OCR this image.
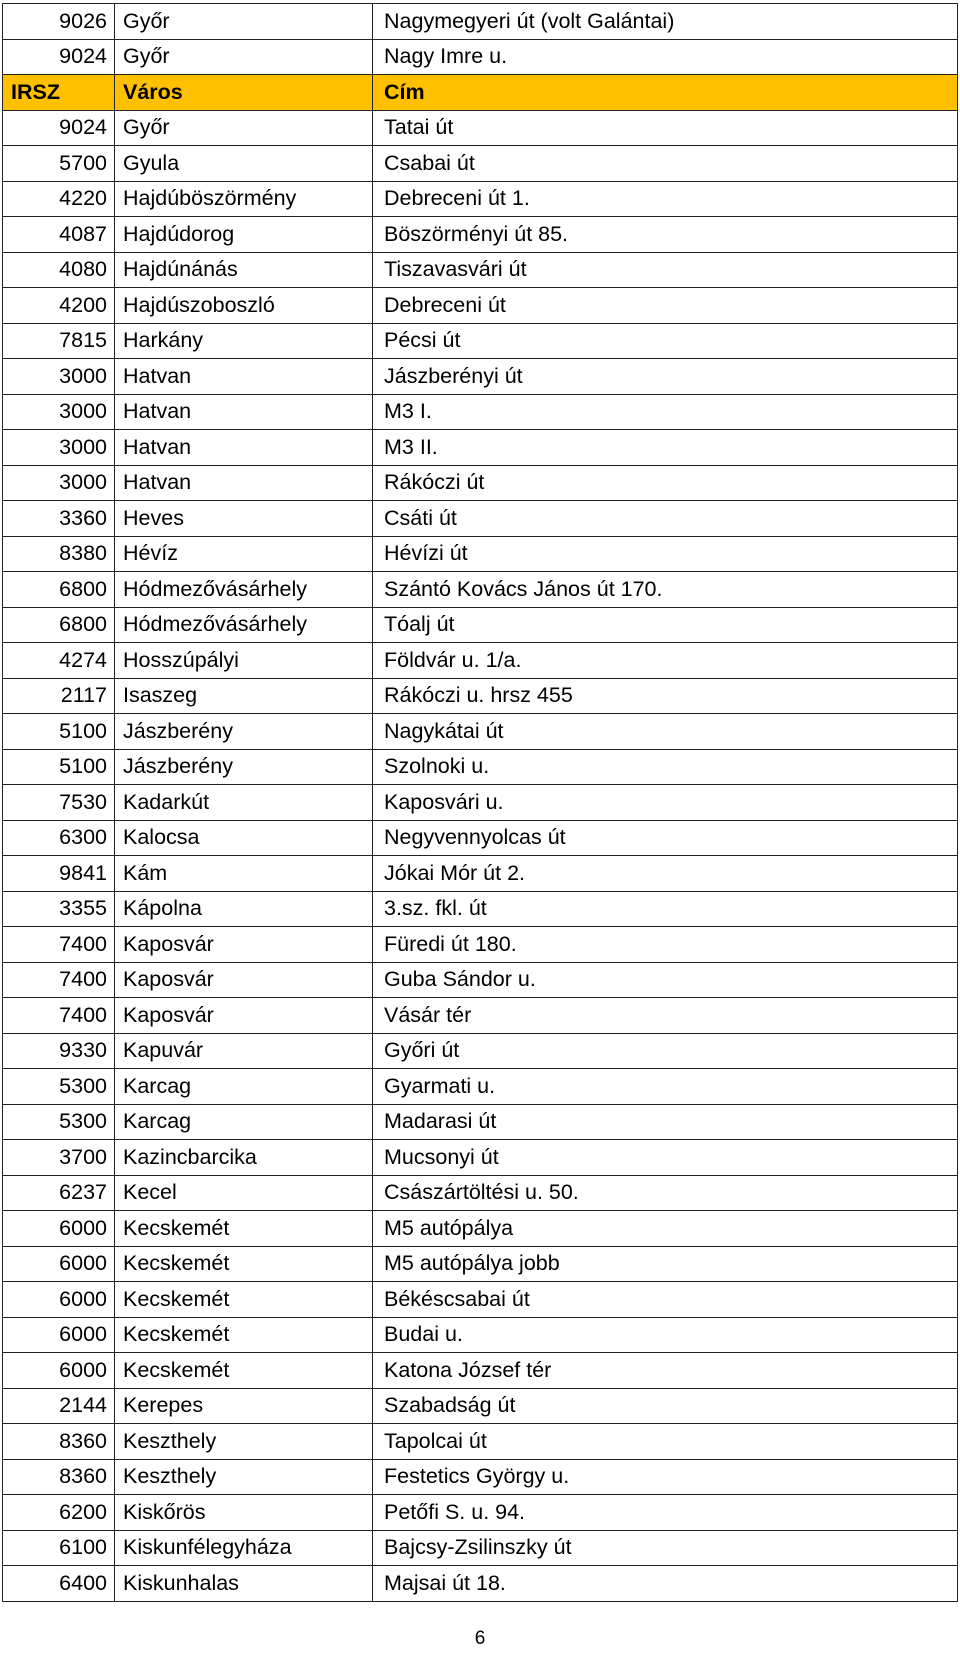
9026	Győr	Nagymegyeri út (volt Galántai)
9024	Győr	Nagy Imre u.
IRSZ	Város	Cím
9024	Győr	Tatai út
5700	Gyula	Csabai út
4220	Hajdúböszörmény	Debreceni út 1.
4087	Hajdúdorog	Böszörményi út 85.
4080	Hajdúnánás	Tiszavasvári út
4200	Hajdúszoboszló	Debreceni út
7815	Harkány	Pécsi út
3000	Hatvan	Jászberényi út
3000	Hatvan	M3 I.
3000	Hatvan	M3 II.
3000	Hatvan	Rákóczi út
3360	Heves	Csáti út
8380	Hévíz	Hévízi út
6800	Hódmezővásárhely	Szántó Kovács János út 170.
6800	Hódmezővásárhely	Tóalj út
4274	Hosszúpályi	Földvár u. 1/a.
2117	Isaszeg	Rákóczi u. hrsz 455
5100	Jászberény	Nagykátai út
5100	Jászberény	Szolnoki u.
7530	Kadarkút	Kaposvári u.
6300	Kalocsa	Negyvennyolcas út
9841	Kám	Jókai Mór út 2.
3355	Kápolna	3.sz. fkl. út
7400	Kaposvár	Füredi út 180.
7400	Kaposvár	Guba Sándor u.
7400	Kaposvár	Vásár tér
9330	Kapuvár	Győri út
5300	Karcag	Gyarmati u.
5300	Karcag	Madarasi út
3700	Kazincbarcika	Mucsonyi út
6237	Kecel	Császártöltési u. 50.
6000	Kecskemét	M5 autópálya
6000	Kecskemét	M5 autópálya jobb
6000	Kecskemét	Békéscsabai út
6000	Kecskemét	Budai u.
6000	Kecskemét	Katona József tér
2144	Kerepes	Szabadság út
8360	Keszthely	Tapolcai út
8360	Keszthely	Festetics György u.
6200	Kiskőrös	Petőfi S. u. 94.
6100	Kiskunfélegyháza	Bajcsy-Zsilinszky út
6400	Kiskunhalas	Majsai út 18.
6
